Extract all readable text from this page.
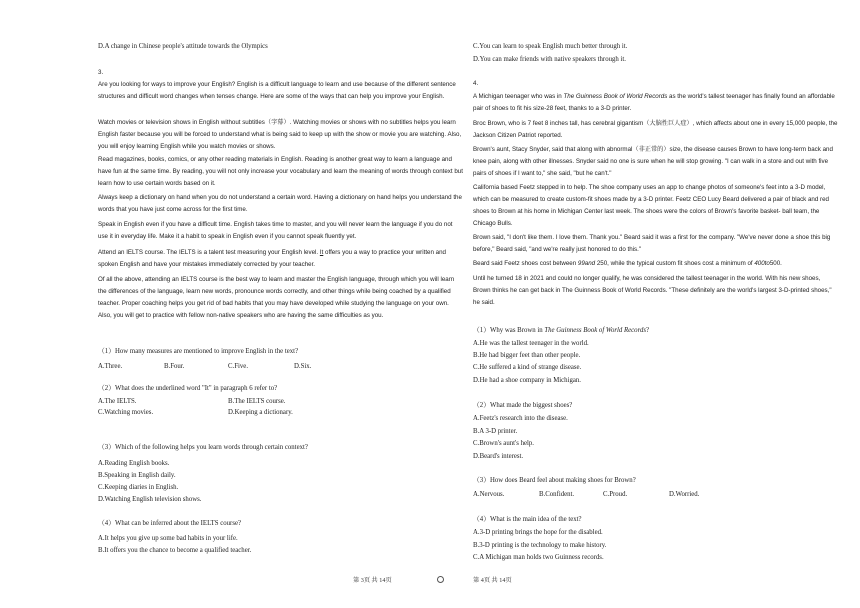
D.A change in Chinese people's attitude towards the Olympics

3.

Are you looking for ways to improve your English? English is a difficult language to learn and use because of the different sentence structures and difficult word changes when tenses change. Here are some of the ways that can help you improve your English.

Watch movies or television shows in English without subtitles（字幕）. Watching movies or shows with no subtitles helps you learn English faster because you will be forced to understand what is being said to keep up with the show or movie you are watching. Also, you will enjoy learning English while you watch movies or shows.

Read magazines, books, comics, or any other reading materials in English. Reading is another great way to learn a language and have fun at the same time. By reading, you will not only increase your vocabulary and learn the meaning of words through context but learn how to use certain words based on it.

Always keep a dictionary on hand when you do not understand a certain word. Having a dictionary on hand helps you understand the words that you have just come across for the first time.

Speak in English even if you have a difficult time. English takes time to master, and you will never learn the language if you do not use it in everyday life. Make it a habit to speak in English even if you cannot speak fluently yet.

Attend an IELTS course. The IELTS is a talent test measuring your English level. It offers you a way to practice your written and spoken English and have your mistakes immediately corrected by your teacher.

Of all the above, attending an IELTS course is the best way to learn and master the English language, through which you will learn the differences of the language, learn new words, pronounce words correctly, and other things while being coached by a qualified teacher. Proper coaching helps you get rid of bad habits that you may have developed while studying the language on your own. Also, you will get to practice with fellow non-native speakers who are having the same difficulties as you.

（1）How many measures are mentioned to improve English in the text?

A.Three.	B.Four.	C.Five.	D.Six.

（2）What does the underlined word "It" in paragraph 6 refer to?

A.The IELTS.	B.The IELTS course.
C.Watching movies.	D.Keeping a dictionary.

（3）Which of the following helps you learn words through certain context?

A.Reading English books.

B.Speaking in English daily.

C.Keeping diaries in English.

D.Watching English television shows.

（4）What can be inferred about the IELTS course?

A.It helps you give up some bad habits in your life.

B.It offers you the chance to become a qualified teacher.

C.You can learn to speak English much better through it.

D.You can make friends with native speakers through it.

4.

A Michigan teenager who was in The Guinness Book of World Records as the world's tallest teenager has finally found an affordable pair of shoes to fit his size-28 feet, thanks to a 3-D printer.

Broc Brown, who is 7 feet 8 inches tall, has cerebral gigantism（大脑性巨人症）, which affects about one in every 15,000 people, the Jackson Citizen Patriot reported.

Brown's aunt, Stacy Snyder, said that along with abnormal（非正常的）size, the disease causes Brown to have long-term back and knee pain, along with other illnesses. Snyder said no one is sure when he will stop growing. "I can walk in a store and out with five pairs of shoes if I want to," she said, "but he can't."

California based Feetz stepped in to help. The shoe company uses an app to change photos of someone's feet into a 3-D model, which can be measured to create custom-fit shoes made by a 3-D printer. Feetz CEO Lucy Beard delivered a pair of black and red shoes to Brown at his home in Michigan Center last week. The shoes were the colors of Brown's favorite basket- ball team, the Chicago Bulls.

Brown said, "I don't like them. I love them. Thank you." Beard said it was a first for the company. "We've never done a shoe this big before," Beard said, "and we're really just honored to do this."

Beard said Feetz shoes cost between 99and 250, while the typical custom fit shoes cost a minimum of 400to500.

Until he turned 18 in 2021 and could no longer qualify, he was considered the tallest teenager in the world. With his new shoes, Brown thinks he can get back in The Guinness Book of World Records. "These definitely are the world's largest 3-D-printed shoes," he said.

（1）Why was Brown in The Guinness Book of World Records?

A.He was the tallest teenager in the world.

B.He had bigger feet than other people.

C.He suffered a kind of strange disease.

D.He had a shoe company in Michigan.

（2）What made the biggest shoes?

A.Feetz's research into the disease.

B.A 3-D printer.

C.Brown's aunt's help.

D.Beard's interest.

（3）How does Beard feel about making shoes for Brown?

A.Nervous.	B.Confident.	C.Proud.	D.Worried.

（4）What is the main idea of the text?

A.3-D printing brings the hope for the disabled.

B.3-D printing is the technology to make history.

C.A Michigan man holds two Guinness records.

第 3页 共 14页	第 4页 共 14页
